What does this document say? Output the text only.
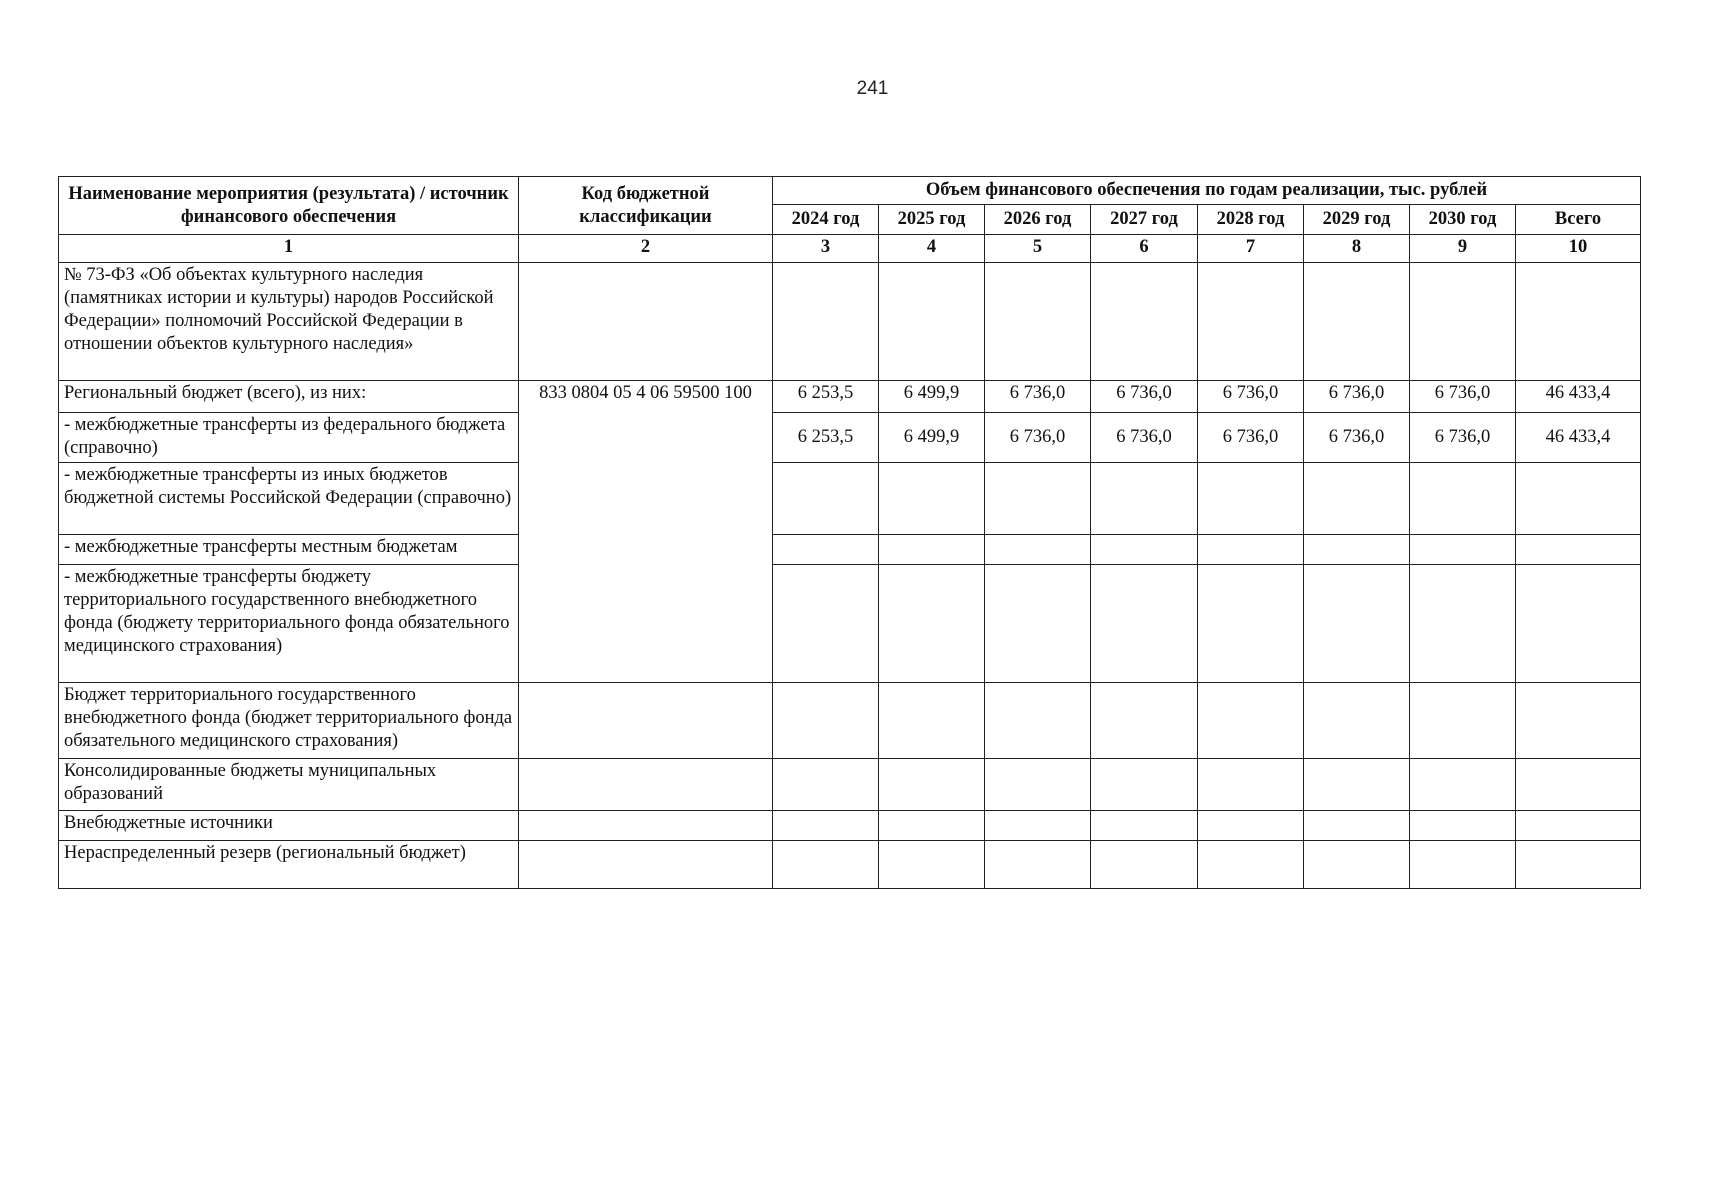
241
Наименование мероприятия (результата) / источник финансового обеспечения	Код бюджетной классификации	Объем финансового обеспечения по годам реализации, тыс. рублей							
		2024 год	2025 год	2026 год	2027 год	2028 год	2029 год	2030 год	Всего
1	2	3	4	5	6	7	8	9	10
№ 73-ФЗ «Об объектах культурного наследия (памятниках истории и культуры) народов Российской Федерации» полномочий Российской Федерации в отношении объектов культурного наследия»									
Региональный бюджет (всего), из них:	833 0804 05 4 06 59500 100	6 253,5	6 499,9	6 736,0	6 736,0	6 736,0	6 736,0	6 736,0	46 433,4
- межбюджетные трансферты из федерального бюджета (справочно)		6 253,5	6 499,9	6 736,0	6 736,0	6 736,0	6 736,0	6 736,0	46 433,4
- межбюджетные трансферты из иных бюджетов бюджетной системы Российской Федерации (справочно)									
- межбюджетные трансферты местным бюджетам									
- межбюджетные трансферты бюджету территориального государственного внебюджетного фонда (бюджету территориального фонда обязательного медицинского страхования)									
Бюджет территориального государственного внебюджетного фонда (бюджет территориального фонда обязательного медицинского страхования)									
Консолидированные бюджеты муниципальных образований									
Внебюджетные источники									
Нераспределенный резерв (региональный бюджет)									
